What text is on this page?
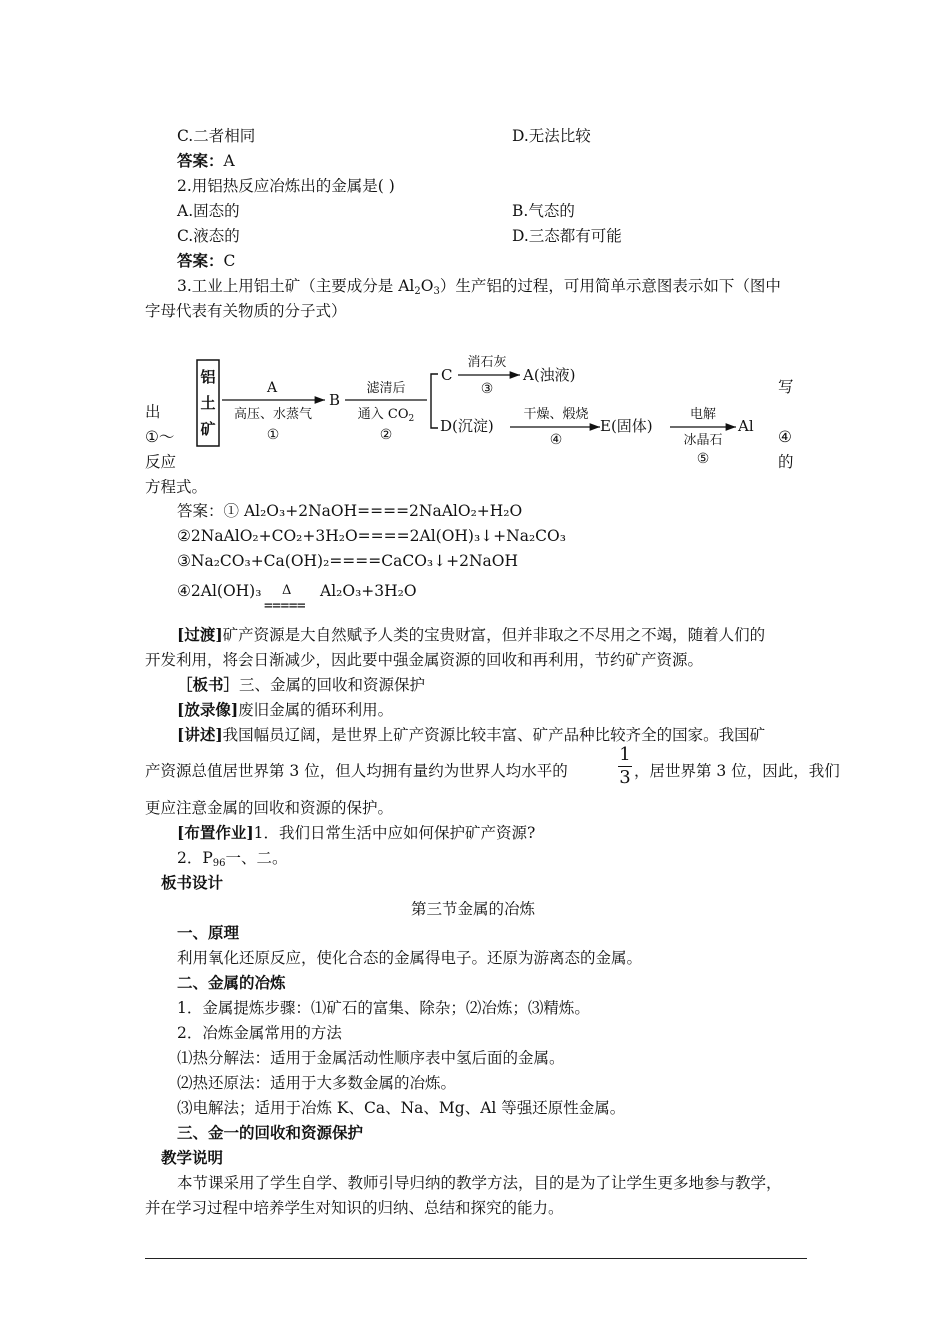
C.二者相同	D.无法比较
答案：A
2.用铝热反应冶炼出的金属是( )
A.固态的	B.气态的
C.液态的	D.三态都有可能
答案：C
3.工业上用铝土矿（主要成分是 $Al_2O_3$）生产铝的过程，可用简单示意图表示如下（图中
字母代表有关物质的分子式）
出
①～
反应
写
④
的
铝
土
矿
A
高压、水蒸气
①
B
滤清后
通入 $CO_2$
②
C
消石灰
③
A(浊液)
D(沉淀)
干燥、煅烧
④
E(固体)
电解
冰晶石
⑤
Al
方程式。
答案：① Al₂O₃+2NaOH====2NaAlO₂+H₂O
②2NaAlO₂+CO₂+3H₂O====2Al(OH)₃↓+Na₂CO₃
③Na₂CO₃+Ca(OH)₂====CaCO₃↓+2NaOH
④2Al(OH)₃ Δ
=====
Al₂O₃+3H₂O
[过渡]矿产资源是大自然赋予人类的宝贵财富，但并非取之不尽用之不竭，随着人们的
开发利用，将会日渐减少，因此要中强金属资源的回收和再利用，节约矿产资源。
［板书］三、金属的回收和资源保护
[放录像]废旧金属的循环利用。
[讲述]我国幅员辽阔，是世界上矿产资源比较丰富、矿产品种比较齐全的国家。我国矿
产资源总值居世界第 3 位，但人均拥有量约为世界人均水平的
1
3 ，居世界第 3 位，因此，我们
更应注意金属的回收和资源的保护。
[布置作业]1．我们日常生活中应如何保护矿产资源?
2．$P_{96}$一、二。
板书设计
第三节金属的冶炼
一、原理
利用氧化还原反应，使化合态的金属得电子。还原为游离态的金属。
二、金属的冶炼
1．金属提炼步骤：⑴矿石的富集、除杂；⑵冶炼；⑶精炼。
2．冶炼金属常用的方法
⑴热分解法：适用于金属活动性顺序表中氢后面的金属。
⑵热还原法：适用于大多数金属的冶炼。
⑶电解法；适用于冶炼 K、Ca、Na、Mg、Al 等强还原性金属。
三、金一的回收和资源保护
教学说明
本节课采用了学生自学、教师引导归纳的教学方法，目的是为了让学生更多地参与教学，
并在学习过程中培养学生对知识的归纳、总结和探究的能力。
